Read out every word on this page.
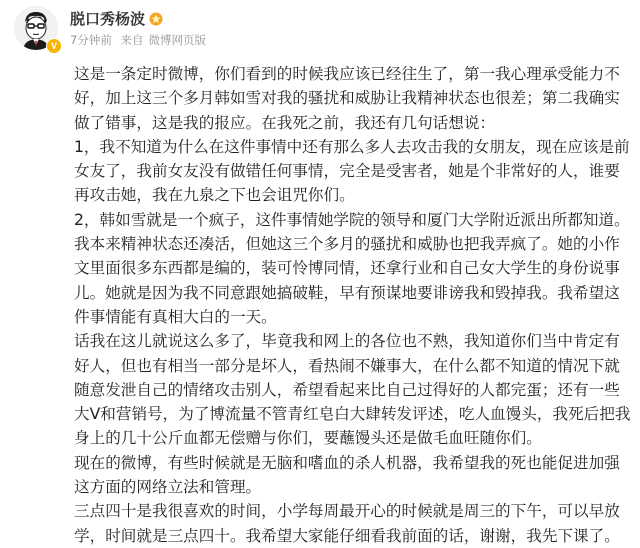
V
脱口秀杨波
7分钟前 来自 微博网页版

这是一条定时微博，你们看到的时候我应该已经往生了，第一我心理承受能力不好，加上这三个多月韩如雪对我的骚扰和威胁让我精神状态也很差；第二我确实做了错事，这是我的报应。在我死之前，我还有几句话想说：

1，我不知道为什么在这件事情中还有那么多人去攻击我的女朋友，现在应该是前女友了，我前女友没有做错任何事情，完全是受害者，她是个非常好的人，谁要再攻击她，我在九泉之下也会诅咒你们。

2，韩如雪就是一个疯子，这件事情她学院的领导和厦门大学附近派出所都知道。我本来精神状态还凑活，但她这三个多月的骚扰和威胁也把我弄疯了。她的小作文里面很多东西都是编的，装可怜博同情，还拿行业和自己女大学生的身份说事儿。她就是因为我不同意跟她搞破鞋，早有预谋地要诽谤我和毁掉我。我希望这件事情能有真相大白的一天。

话我在这儿就说这么多了，毕竟我和网上的各位也不熟，我知道你们当中肯定有好人，但也有相当一部分是坏人，看热闹不嫌事大，在什么都不知道的情况下就随意发泄自己的情绪攻击别人，希望看起来比自己过得好的人都完蛋；还有一些大V和营销号，为了博流量不管青红皂白大肆转发评述，吃人血馒头，我死后把我身上的几十公斤血都无偿赠与你们，要蘸馒头还是做毛血旺随你们。

现在的微博，有些时候就是无脑和嗜血的杀人机器，我希望我的死也能促进加强这方面的网络立法和管理。

三点四十是我很喜欢的时间，小学每周最开心的时候就是周三的下午，可以早放学，时间就是三点四十。我希望大家能仔细看我前面的话，谢谢，我先下课了。
